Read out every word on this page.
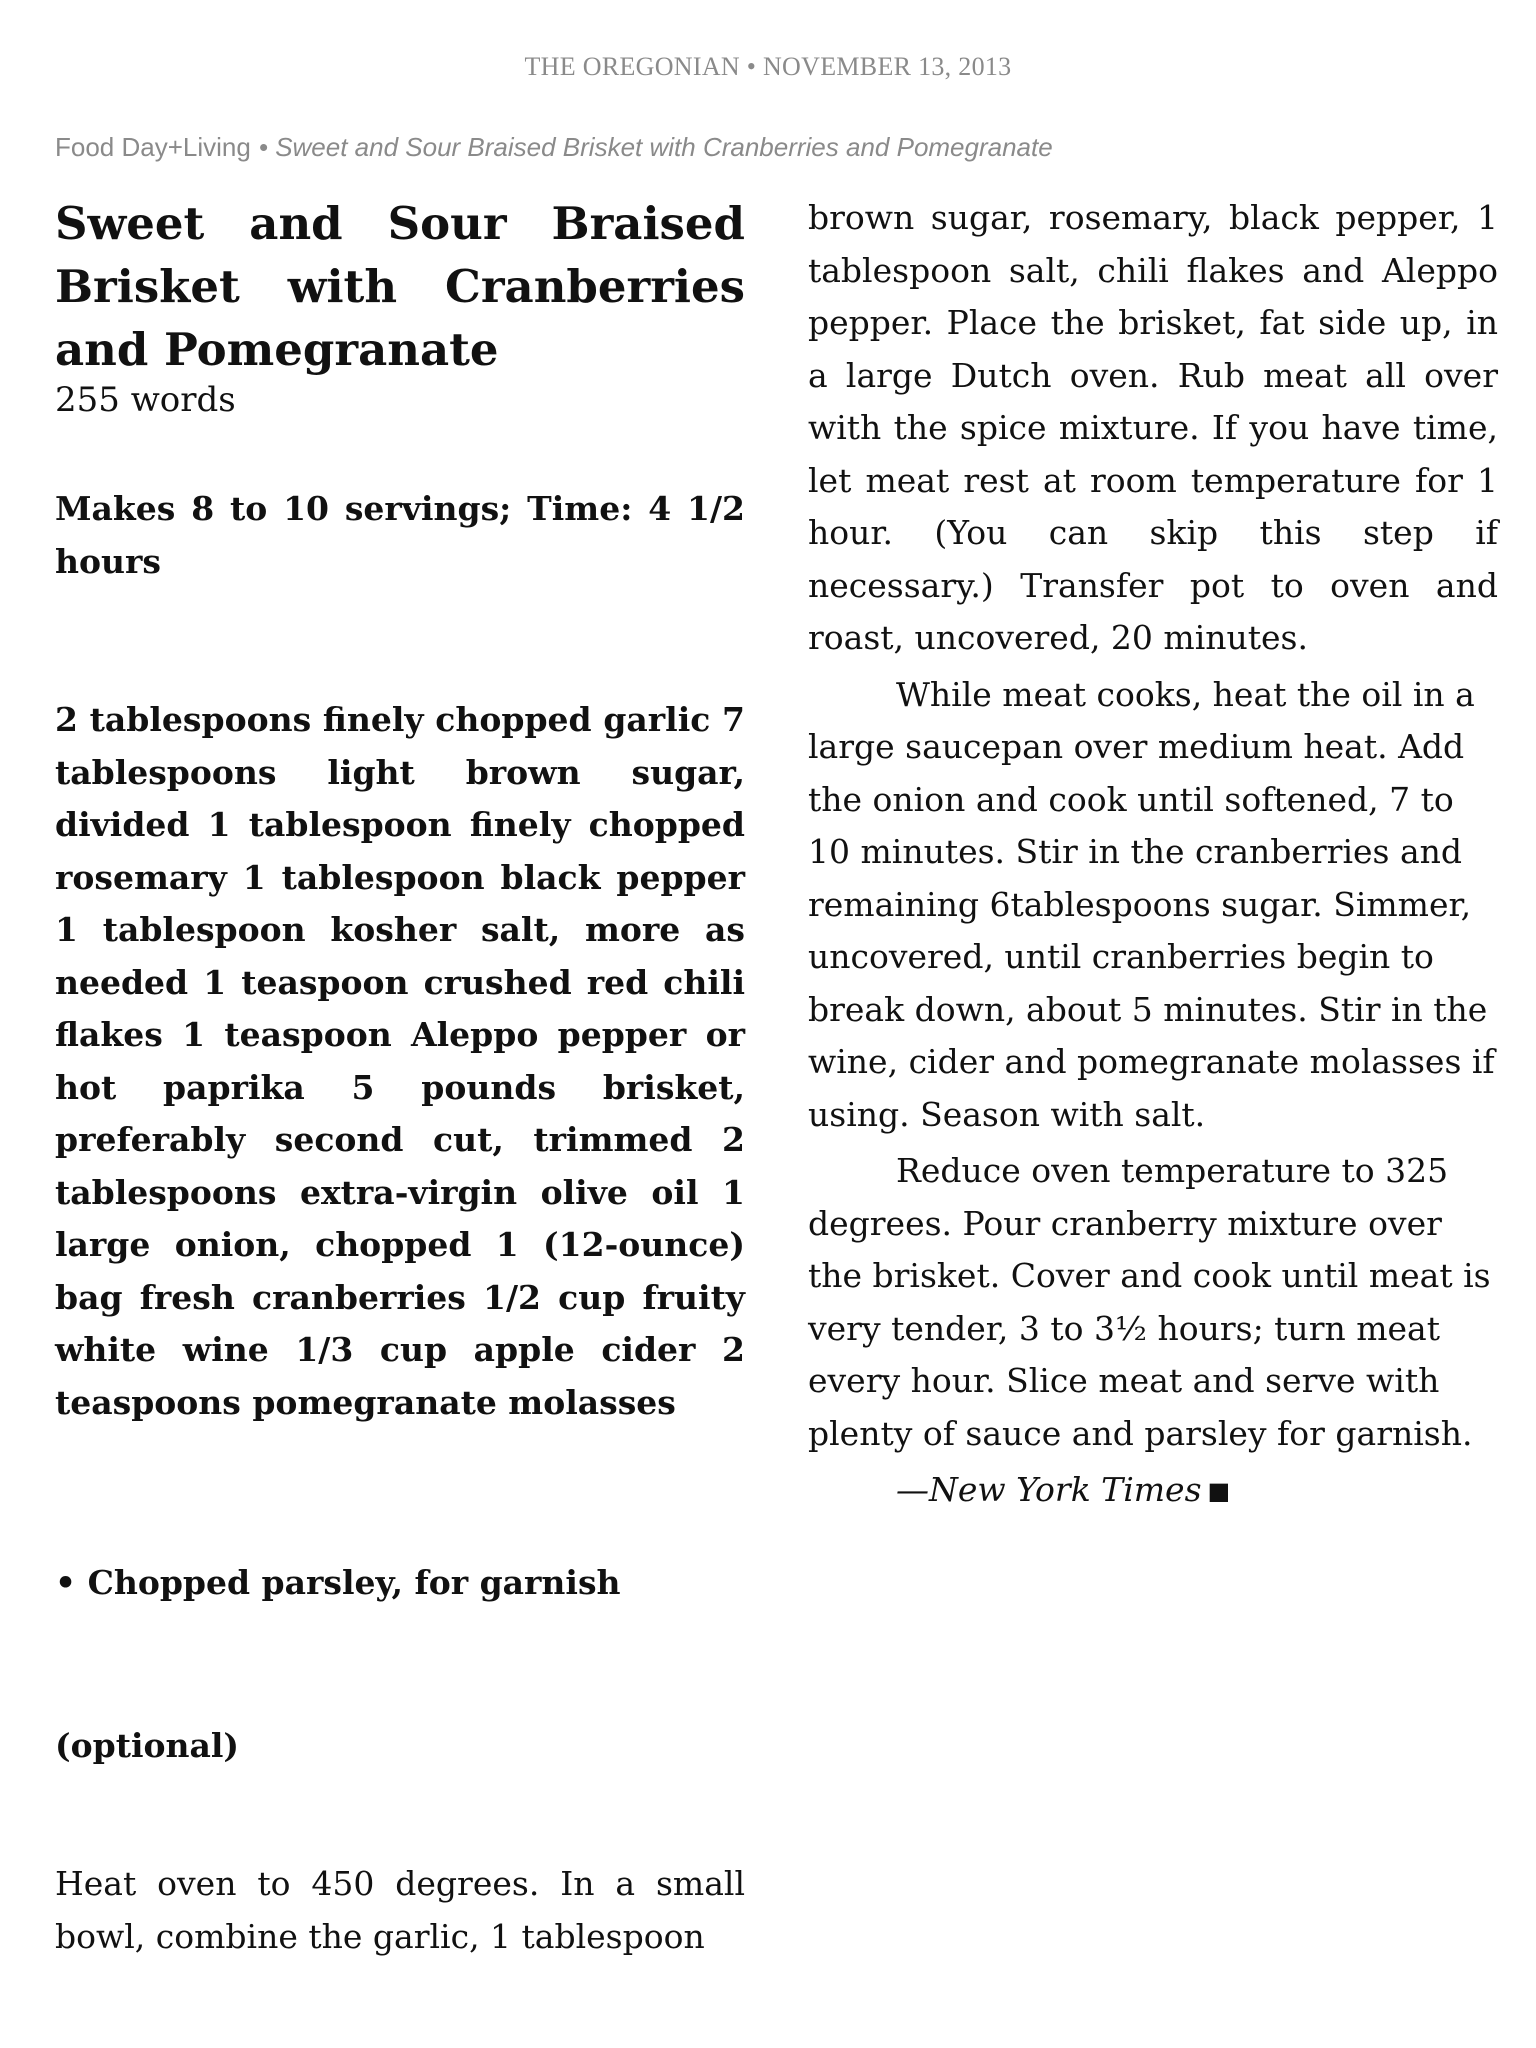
THE OREGONIAN • NOVEMBER 13, 2013
Food Day+Living • Sweet and Sour Braised Brisket with Cranberries and Pomegranate
Sweet and Sour Braised Brisket with Cranberries and Pomegranate
255 words

Makes 8 to 10 servings; Time: 4 1/2 hours

2 tablespoons finely chopped garlic 7 tablespoons light brown sugar, divided 1 tablespoon finely chopped rosemary 1 tablespoon black pepper 1 tablespoon kosher salt, more as needed 1 teaspoon crushed red chili flakes 1 teaspoon Aleppo pepper or hot paprika 5 pounds brisket, preferably second cut, trimmed 2 tablespoons extra-virgin olive oil 1 large onion, chopped 1 (12-ounce) bag fresh cranberries 1/2 cup fruity white wine 1/3 cup apple cider 2 teaspoons pomegranate molasses

• Chopped parsley, for garnish

(optional)

Heat oven to 450 degrees. In a small bowl, combine the garlic, 1 tablespoon

brown sugar, rosemary, black pepper, 1 tablespoon salt, chili flakes and Aleppo pepper. Place the brisket, fat side up, in a large Dutch oven. Rub meat all over with the spice mixture. If you have time, let meat rest at room temperature for 1 hour. (You can skip this step if necessary.) Transfer pot to oven and roast, uncovered, 20 minutes.

While meat cooks, heat the oil in a large saucepan over medium heat. Add the onion and cook until softened, 7 to 10 minutes. Stir in the cranberries and remaining 6tablespoons sugar. Simmer, uncovered, until cranberries begin to break down, about 5 minutes. Stir in the wine, cider and pomegranate molasses if using. Season with salt.

Reduce oven temperature to 325 degrees. Pour cranberry mixture over the brisket. Cover and cook until meat is very tender, 3 to 3½ hours; turn meat every hour. Slice meat and serve with plenty of sauce and parsley for garnish.

—New York Times ■
